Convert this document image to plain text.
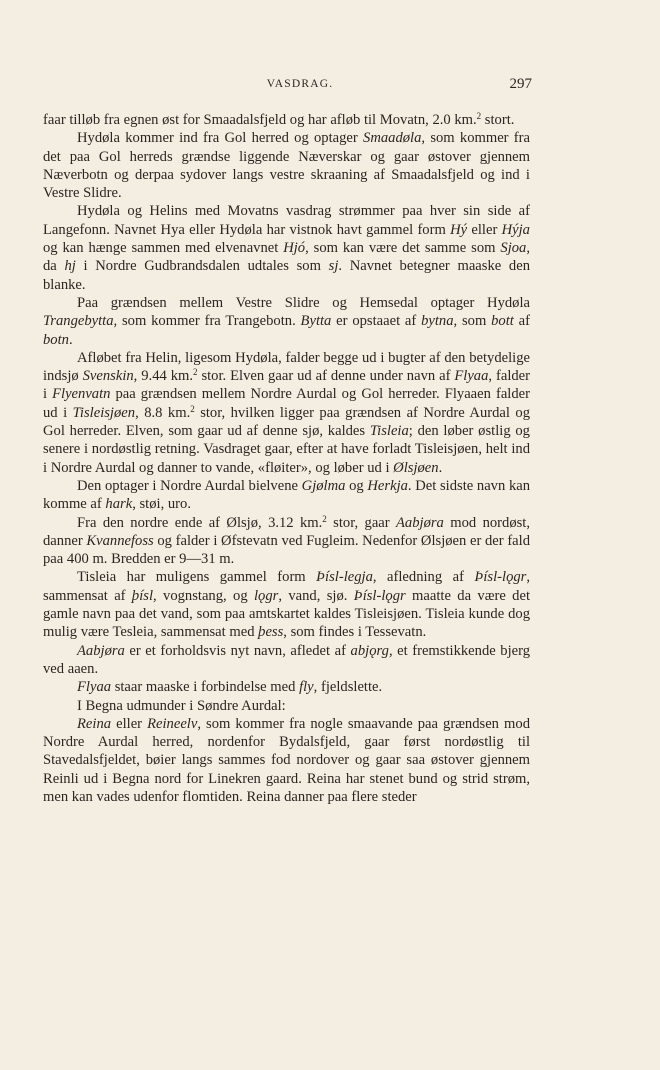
VASDRAG.	297

faar tilløb fra egnen øst for Smaadalsfjeld og har afløb til Movatn, 2.0 km.$^2$ stort.

Hydøla kommer ind fra Gol herred og optager Smaadøla, som kommer fra det paa Gol herreds grændse liggende Næverskar og gaar østover gjennem Næverbotn og derpaa sydover langs vestre skraaning af Smaadalsfjeld og ind i Vestre Slidre.

Hydøla og Helins med Movatns vasdrag strømmer paa hver sin side af Langefonn. Navnet Hya eller Hydøla har vistnok havt gammel form Hý eller Hýja og kan hænge sammen med elvenavnet Hjó, som kan være det samme som Sjoa, da hj i Nordre Gudbrandsdalen udtales som sj. Navnet betegner maaske den blanke.

Paa grændsen mellem Vestre Slidre og Hemsedal optager Hydøla Trangebytta, som kommer fra Trangebotn. Bytta er opstaaet af bytna, som bott af botn.

Afløbet fra Helin, ligesom Hydøla, falder begge ud i bugter af den betydelige indsjø Svenskin, 9.44 km.$^2$ stor. Elven gaar ud af denne under navn af Flyaa, falder i Flyenvatn paa grændsen mellem Nordre Aurdal og Gol herreder. Flyaaen falder ud i Tisleisjøen, 8.8 km.$^2$ stor, hvilken ligger paa grændsen af Nordre Aurdal og Gol herreder. Elven, som gaar ud af denne sjø, kaldes Tisleia; den løber østlig og senere i nordøstlig retning. Vasdraget gaar, efter at have forladt Tisleisjøen, helt ind i Nordre Aurdal og danner to vande, «fløiter», og løber ud i Ølsjøen.

Den optager i Nordre Aurdal bielvene Gjølma og Herkja. Det sidste navn kan komme af hark, støi, uro.

Fra den nordre ende af Ølsjø, 3.12 km.$^2$ stor, gaar Aabjøra mod nordøst, danner Kvannefoss og falder i Øfstevatn ved Fugleim. Nedenfor Ølsjøen er der fald paa 400 m. Bredden er 9—31 m.

Tisleia har muligens gammel form Þísl-legja, afledning af Þísl-lǫgr, sammensat af þísl, vognstang, og lǫgr, vand, sjø. Þísl-lǫgr maatte da være det gamle navn paa det vand, som paa amtskartet kaldes Tisleisjøen. Tisleia kunde dog mulig være Tesleia, sammensat med þess, som findes i Tessevatn.

Aabjøra er et forholdsvis nyt navn, afledet af abjǫrg, et fremstikkende bjerg ved aaen.

Flyaa staar maaske i forbindelse med fly, fjeldslette.

I Begna udmunder i Søndre Aurdal:

Reina eller Reineelv, som kommer fra nogle smaavande paa grændsen mod Nordre Aurdal herred, nordenfor Bydalsfjeld, gaar først nordøstlig til Stavedalsfjeldet, bøier langs sammes fod nordover og gaar saa østover gjennem Reinli ud i Begna nord for Linekren gaard. Reina har stenet bund og strid strøm, men kan vades udenfor flomtiden. Reina danner paa flere steder
